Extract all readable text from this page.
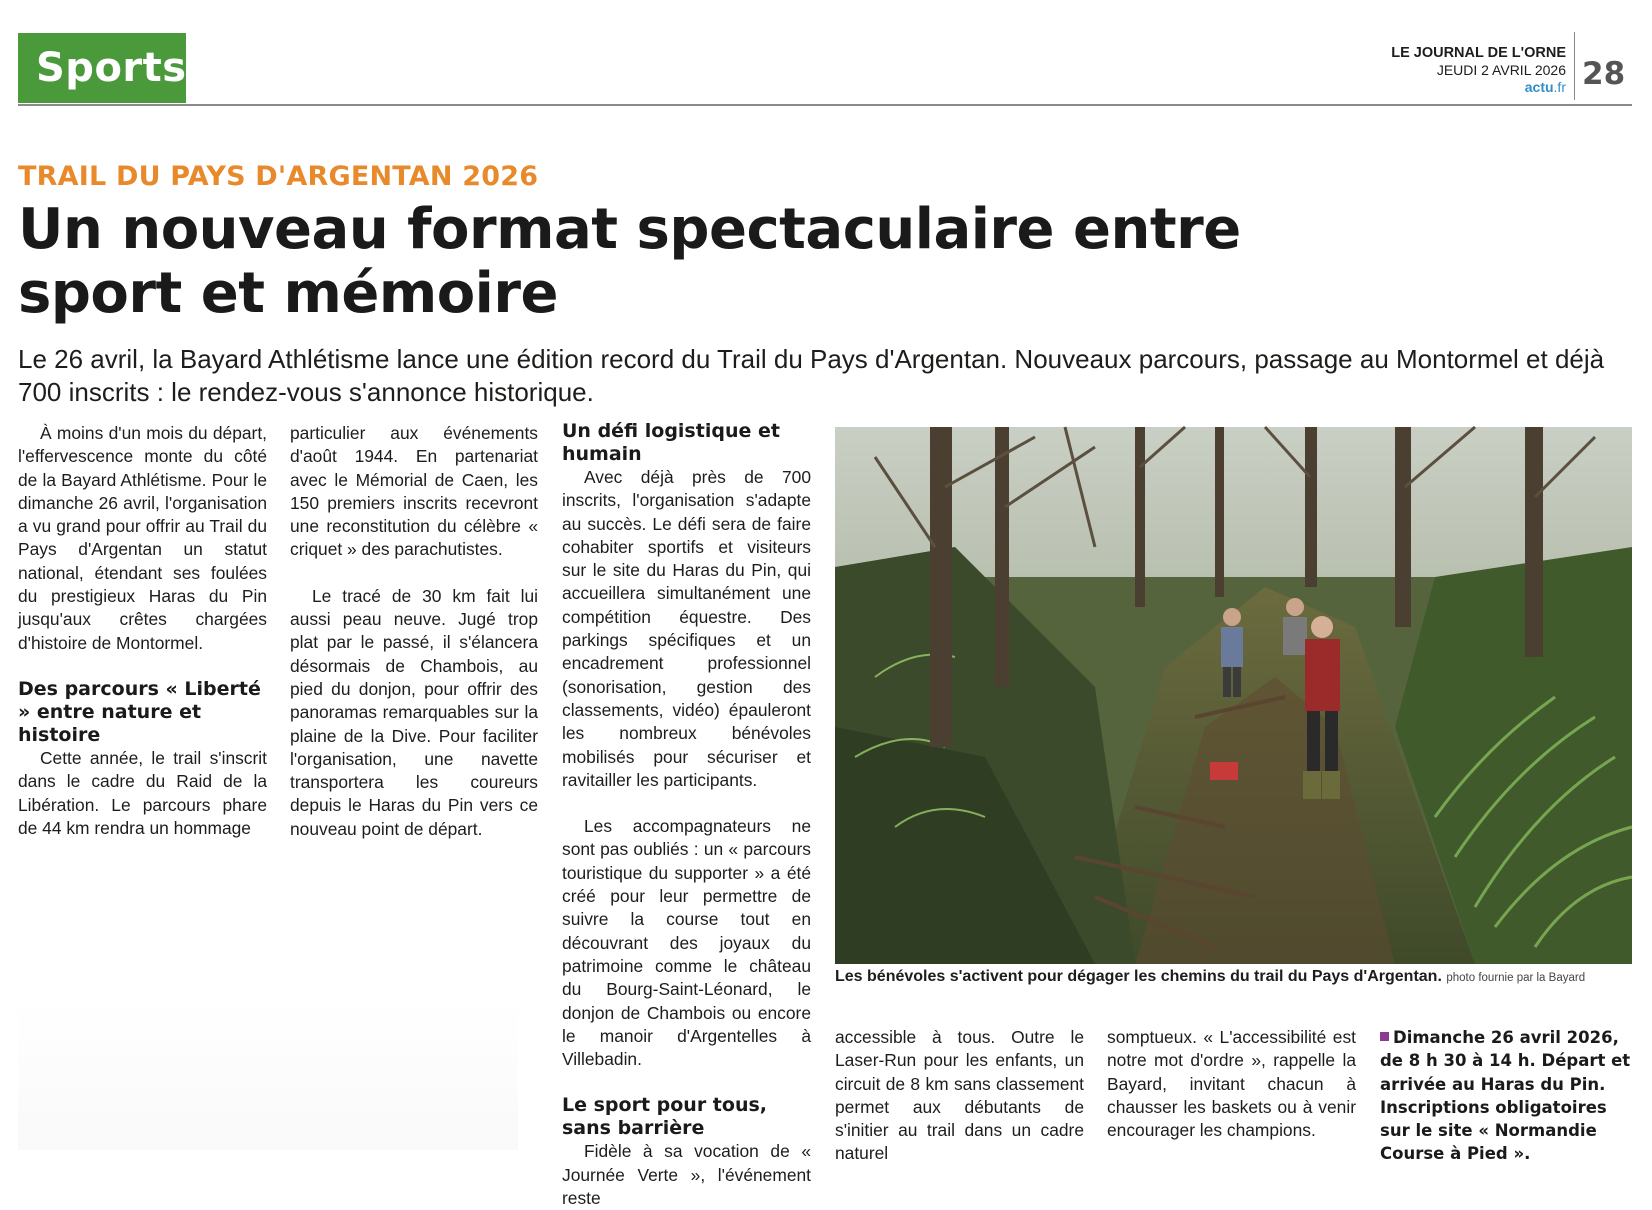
Sports	LE JOURNAL DE L'ORNE
JEUDI 2 AVRIL 2026
actu.fr 28
TRAIL DU PAYS D'ARGENTAN 2026
Un nouveau format spectaculaire entre sport et mémoire
Le 26 avril, la Bayard Athlétisme lance une édition record du Trail du Pays d'Argentan. Nouveaux parcours, passage au Montormel et déjà 700 inscrits : le rendez-vous s'annonce historique.

À moins d'un mois du départ, l'effervescence monte du côté de la Bayard Athlétisme. Pour le dimanche 26 avril, l'organisation a vu grand pour offrir au Trail du Pays d'Argentan un statut national, étendant ses foulées du prestigieux Haras du Pin jusqu'aux crêtes chargées d'histoire de Montormel.

Des parcours « Liberté » entre nature et histoire

Cette année, le trail s'inscrit dans le cadre du Raid de la Libération. Le parcours phare de 44 km rendra un hommage

particulier aux événements d'août 1944. En partenariat avec le Mémorial de Caen, les 150 premiers inscrits recevront une reconstitution du célèbre « criquet » des parachutistes.

Le tracé de 30 km fait lui aussi peau neuve. Jugé trop plat par le passé, il s'élancera désormais de Chambois, au pied du donjon, pour offrir des panoramas remarquables sur la plaine de la Dive. Pour faciliter l'organisation, une navette transportera les coureurs depuis le Haras du Pin vers ce nouveau point de départ.

Un défi logistique et humain

Avec déjà près de 700 inscrits, l'organisation s'adapte au succès. Le défi sera de faire cohabiter sportifs et visiteurs sur le site du Haras du Pin, qui accueillera simultanément une compétition équestre. Des parkings spécifiques et un encadrement professionnel (sonorisation, gestion des classements, vidéo) épauleront les nombreux bénévoles mobilisés pour sécuriser et ravitailler les participants.

Les accompagnateurs ne sont pas oubliés : un « parcours touristique du supporter » a été créé pour leur permettre de suivre la course tout en découvrant des joyaux du patrimoine comme le château du Bourg-Saint-Léonard, le donjon de Chambois ou encore le manoir d'Argentelles à Villebadin.

Le sport pour tous, sans barrière

Fidèle à sa vocation de « Journée Verte », l'événement reste

Les bénévoles s'activent pour dégager les chemins du trail du Pays d'Argentan. photo fournie par la Bayard

accessible à tous. Outre le Laser-Run pour les enfants, un circuit de 8 km sans classement permet aux débutants de s'initier au trail dans un cadre naturel

somptueux. « L'accessibilité est notre mot d'ordre », rappelle la Bayard, invitant chacun à chausser les baskets ou à venir encourager les champions.

Dimanche 26 avril 2026, de 8 h 30 à 14 h. Départ et arrivée au Haras du Pin. Inscriptions obligatoires sur le site « Normandie Course à Pied ».
